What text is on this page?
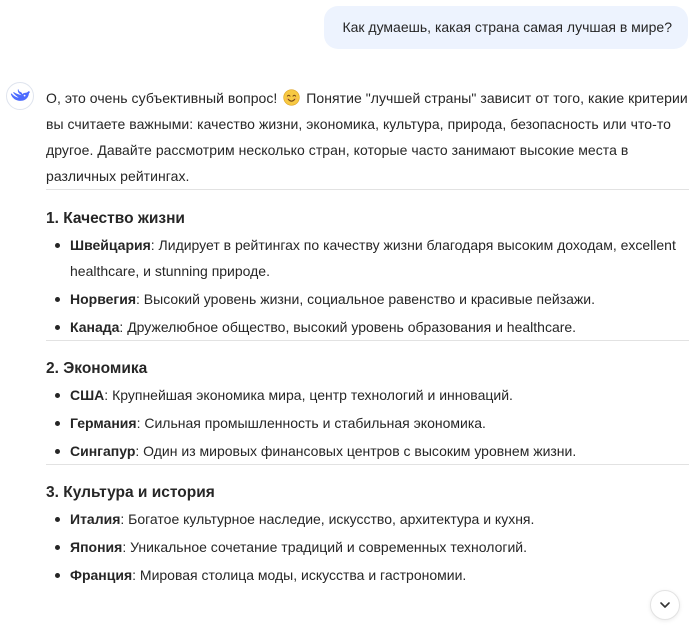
Как думаешь, какая страна самая лучшая в мире?

О, это очень субъективный вопрос! Понятие "лучшей страны" зависит от того, какие критерии вы считаете важными: качество жизни, экономика, культура, природа, безопасность или что-то другое. Давайте рассмотрим несколько стран, которые часто занимают высокие места в различных рейтингах.

1. Качество жизни
Швейцария: Лидирует в рейтингах по качеству жизни благодаря высоким доходам, excellent healthcare, и stunning природе.
Норвегия: Высокий уровень жизни, социальное равенство и красивые пейзажи.
Канада: Дружелюбное общество, высокий уровень образования и healthcare.
2. Экономика
США: Крупнейшая экономика мира, центр технологий и инноваций.
Германия: Сильная промышленность и стабильная экономика.
Сингапур: Один из мировых финансовых центров с высоким уровнем жизни.
3. Культура и история
Италия: Богатое культурное наследие, искусство, архитектура и кухня.
Япония: Уникальное сочетание традиций и современных технологий.
Франция: Мировая столица моды, искусства и гастрономии.
